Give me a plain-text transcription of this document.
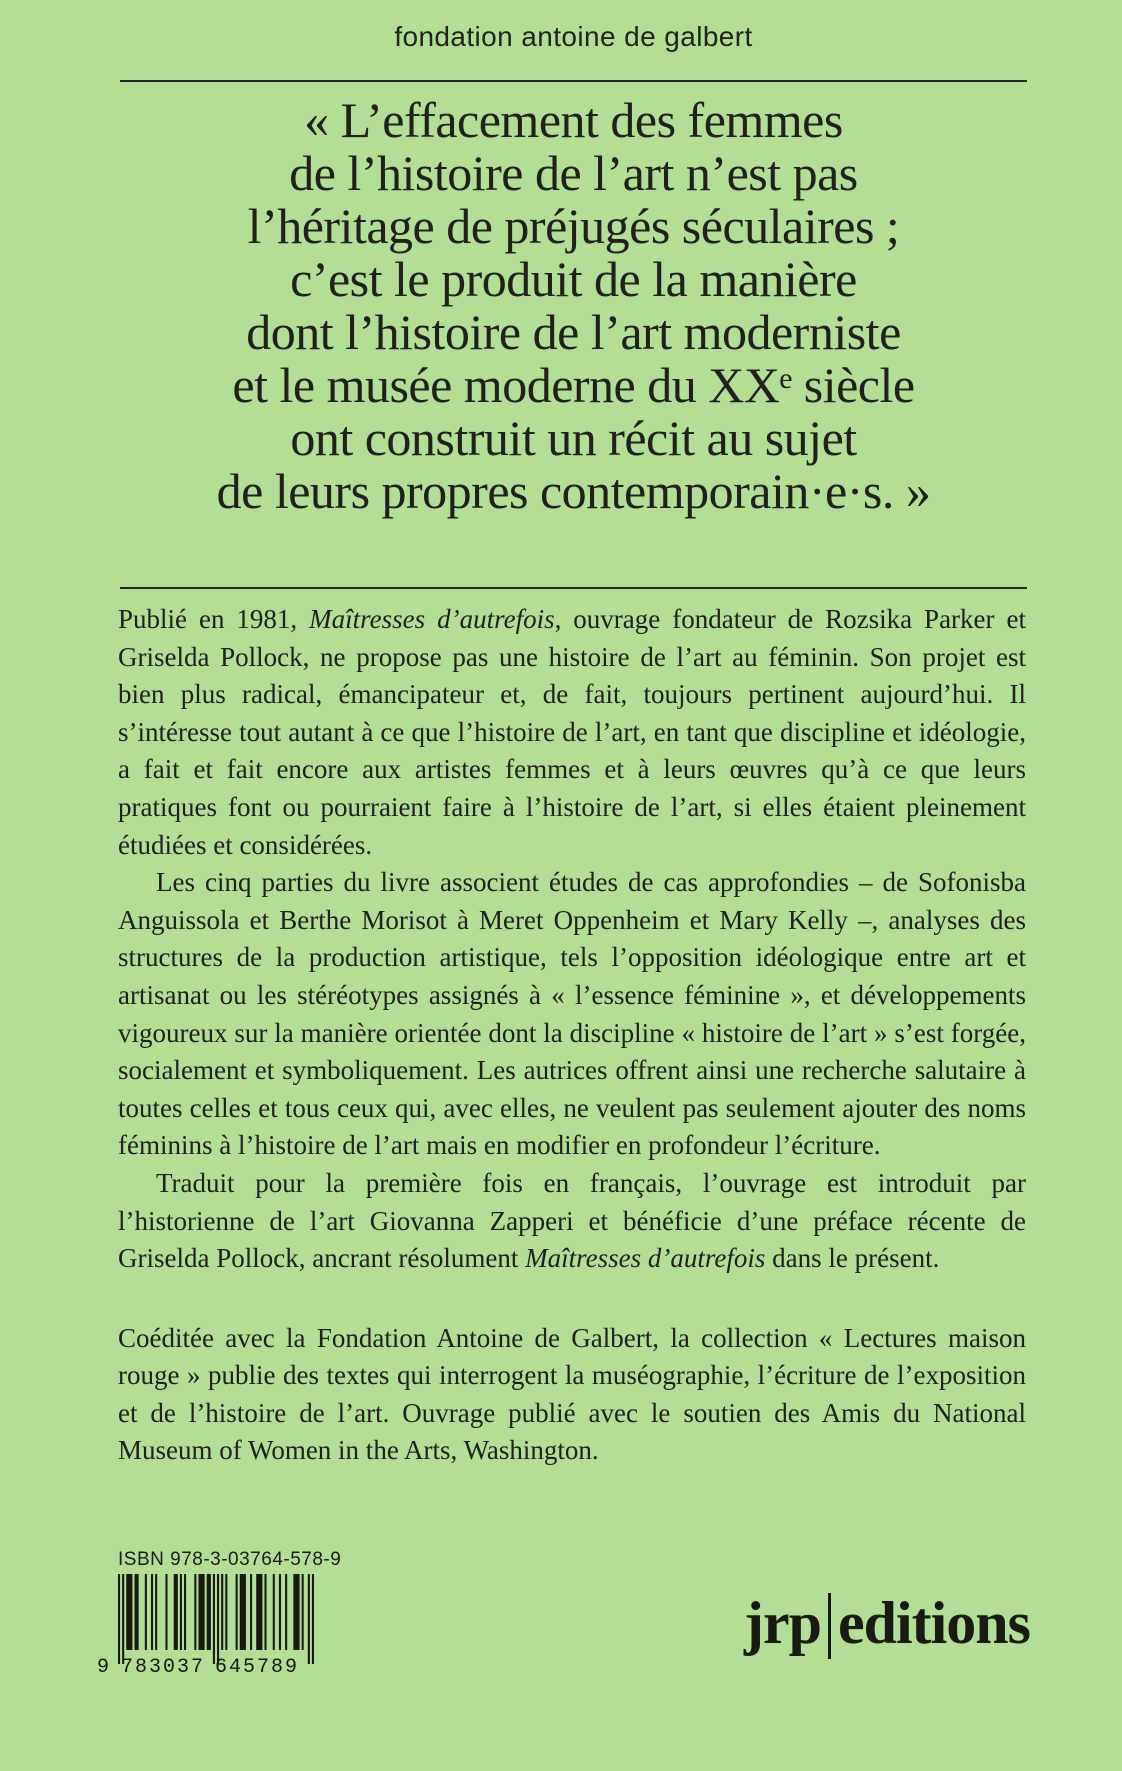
fondation antoine de galbert
« L’effacement des femmes
de l’histoire de l’art n’est pas
l’héritage de préjugés séculaires ;
c’est le produit de la manière
dont l’histoire de l’art moderniste
et le musée moderne du XXᵉ siècle
ont construit un récit au sujet
de leurs propres contemporain·e·s. »

Publié en 1981, Maîtresses d’autrefois, ouvrage fondateur de Rozsika Parker et Griselda Pollock, ne propose pas une histoire de l’art au féminin. Son projet est bien plus radical, émancipateur et, de fait, toujours pertinent aujourd’hui. Il s’intéresse tout autant à ce que l’histoire de l’art, en tant que discipline et idéologie, a fait et fait encore aux artistes femmes et à leurs œuvres qu’à ce que leurs pratiques font ou pourraient faire à l’histoire de l’art, si elles étaient pleinement étudiées et considérées.

Les cinq parties du livre associent études de cas approfondies – de Sofonisba Anguissola et Berthe Morisot à Meret Oppenheim et Mary Kelly –, analyses des structures de la production artistique, tels l’opposition idéologique entre art et artisanat ou les stéréotypes assignés à « l’essence féminine », et développements vigoureux sur la manière orientée dont la discipline « histoire de l’art » s’est forgée, socialement et symboliquement. Les autrices offrent ainsi une recherche salutaire à toutes celles et tous ceux qui, avec elles, ne veulent pas seulement ajouter des noms féminins à l’histoire de l’art mais en modifier en profondeur l’écriture.

Traduit pour la première fois en français, l’ouvrage est introduit par l’historienne de l’art Giovanna Zapperi et bénéficie d’une préface récente de Griselda Pollock, ancrant résolument Maîtresses d’autrefois dans le présent.

Coéditée avec la Fondation Antoine de Galbert, la collection « Lectures maison rouge » publie des textes qui interrogent la muséographie, l’écriture de l’exposition et de l’histoire de l’art. Ouvrage publié avec le soutien des Amis du National Museum of Women in the Arts, Washington.

ISBN 978-3-03764-578-9
9 783037 645789
jrp editions
